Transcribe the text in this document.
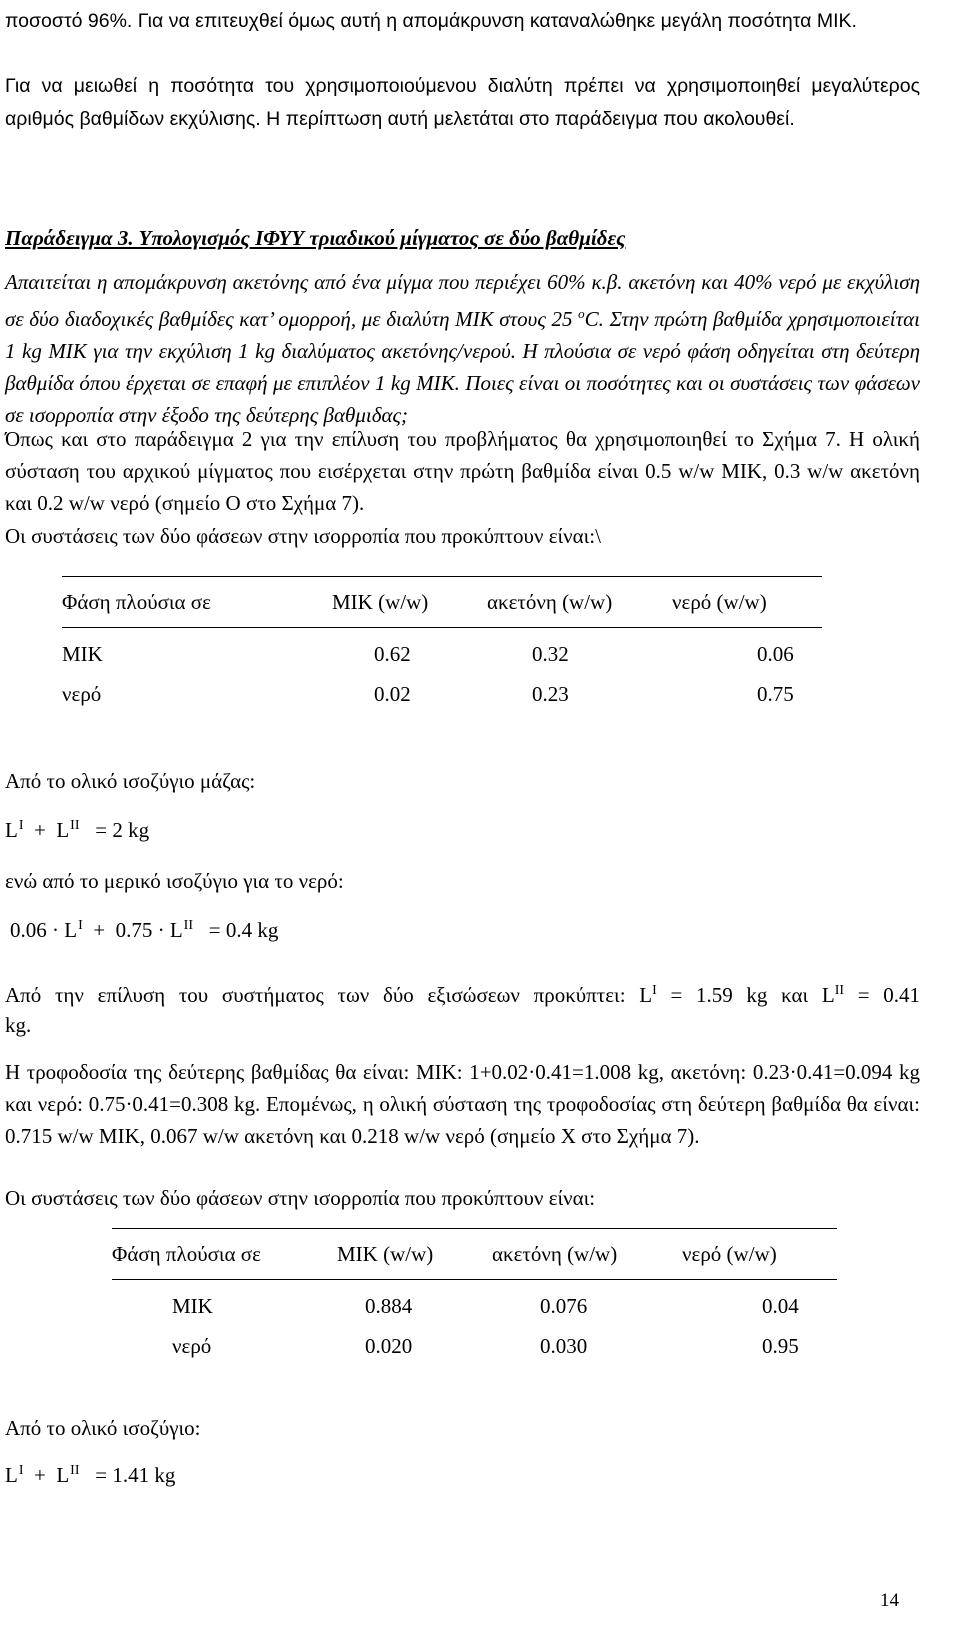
ποσοστό 96%. Για να επιτευχθεί όμως αυτή η απομάκρυνση καταναλώθηκε μεγάλη ποσότητα ΜΙΚ.

Για να μειωθεί η ποσότητα του χρησιμοποιούμενου διαλύτη πρέπει να χρησιμοποιηθεί μεγαλύτερος αριθμός βαθμίδων εκχύλισης. Η περίπτωση αυτή μελετάται στο παράδειγμα που ακολουθεί.

Παράδειγμα 3. Υπολογισμός ΙΦΥΥ τριαδικού μίγματος σε δύο βαθμίδες

Απαιτείται η απομάκρυνση ακετόνης από ένα μίγμα που περιέχει 60% κ.β. ακετόνη και 40% νερό με εκχύλιση σε δύο διαδοχικές βαθμίδες κατ’ ομορροή, με διαλύτη ΜΙΚ στους 25 $^o$C. Στην πρώτη βαθμίδα χρησιμοποιείται 1 kg ΜΙΚ για την εκχύλιση 1 kg διαλύματος ακετόνης/νερού. Η πλούσια σε νερό φάση οδηγείται στη δεύτερη βαθμίδα όπου έρχεται σε επαφή με επιπλέον 1 kg ΜΙΚ. Ποιες είναι οι ποσότητες και οι συστάσεις των φάσεων σε ισορροπία στην έξοδο της δεύτερης βαθμιδας;

Όπως και στο παράδειγμα 2 για την επίλυση του προβλήματος θα χρησιμοποιηθεί το Σχήμα 7. Η ολική σύσταση του αρχικού μίγματος που εισέρχεται στην πρώτη βαθμίδα είναι 0.5 w/w ΜΙΚ, 0.3 w/w ακετόνη και 0.2 w/w νερό (σημείο Ο στο Σχήμα 7).

Οι συστάσεις των δύο φάσεων στην ισορροπία που προκύπτουν είναι:\

Φάση πλούσια σε	ΜΙΚ (w/w)	ακετόνη (w/w)	νερό (w/w)
ΜΙΚ	0.62	0.32	0.06
νερό	0.02	0.23	0.75

Από το ολικό ισοζύγιο μάζας:

$L^I + L^{II} = 2$ kg

ενώ από το μερικό ισοζύγιο για το νερό:

$0.06 \cdot L^I + 0.75 \cdot L^{II} = 0.4$ kg

Από την επίλυση του συστήματος των δύο εξισώσεων προκύπτει: $L^I = 1.59$ kg και $L^{II} = 0.41$

kg.

Η τροφοδοσία της δεύτερης βαθμίδας θα είναι: ΜΙΚ: 1+0.02·0.41=1.008 kg, ακετόνη: 0.23·0.41=0.094 kg και νερό: 0.75·0.41=0.308 kg. Επομένως, η ολική σύσταση της τροφοδοσίας στη δεύτερη βαθμίδα θα είναι: 0.715 w/w ΜΙΚ, 0.067 w/w ακετόνη και 0.218 w/w νερό (σημείο Χ στο Σχήμα 7).

Οι συστάσεις των δύο φάσεων στην ισορροπία που προκύπτουν είναι:

Φάση πλούσια σε	ΜΙΚ (w/w)	ακετόνη (w/w)	νερό (w/w)
ΜΙΚ	0.884	0.076	0.04
νερό	0.020	0.030	0.95

Από το ολικό ισοζύγιο:

$L^I + L^{II} = 1.41$ kg

14
